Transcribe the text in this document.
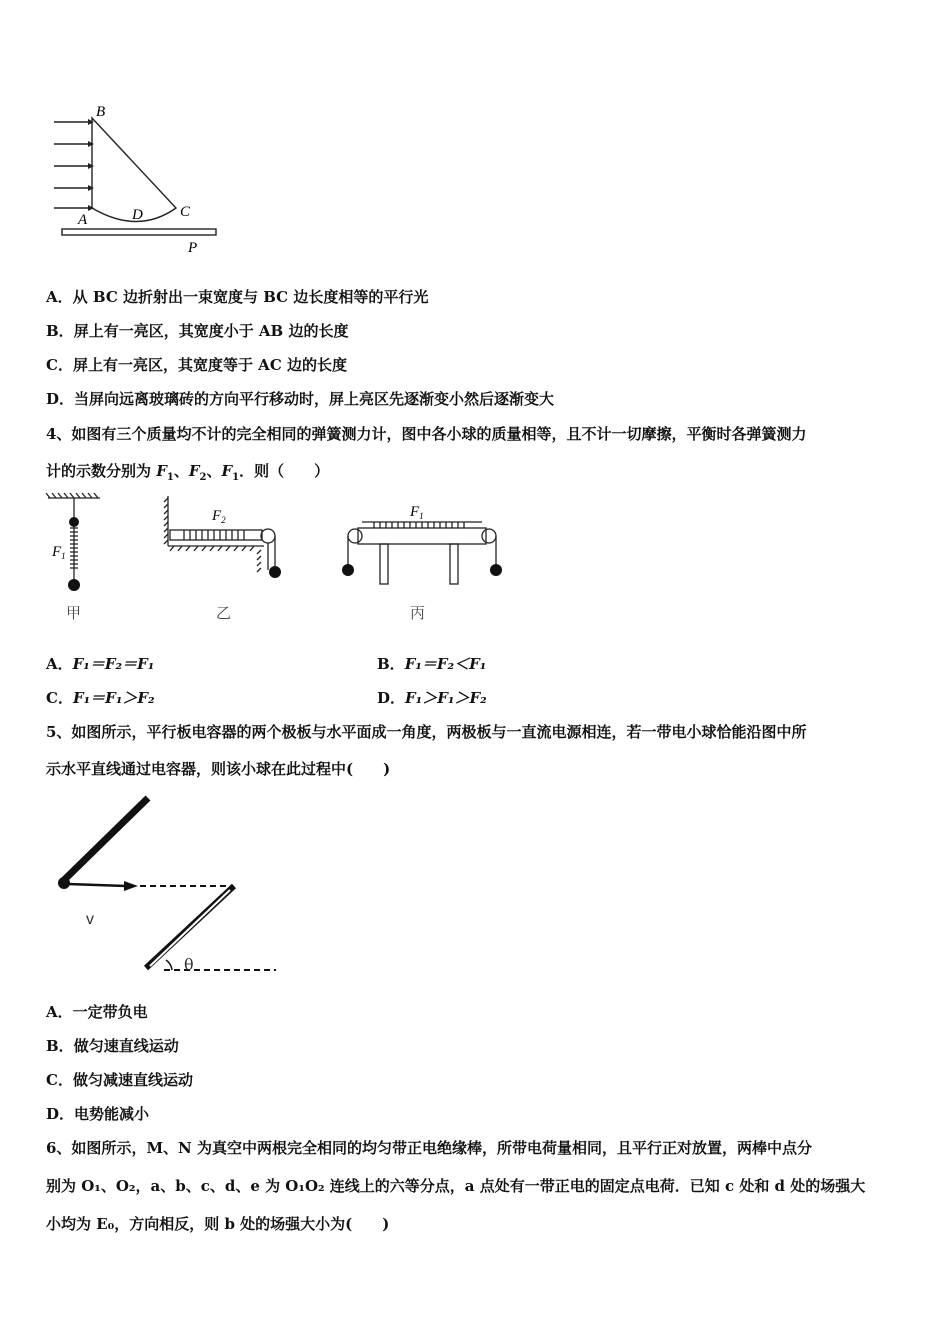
B
A	D C
P
A．从 BC 边折射出一束宽度与 BC 边长度相等的平行光
B．屏上有一亮区，其宽度小于 AB 边的长度
C．屏上有一亮区，其宽度等于 AC 边的长度
D．当屏向远离玻璃砖的方向平行移动时，屏上亮区先逐渐变小然后逐渐变大
4、如图有三个质量均不计的完全相同的弹簧测力计，图中各小球的质量相等，且不计一切摩擦，平衡时各弹簧测力
计的示数分别为 $F_1$、$F_2$、$F_1$．则（　　）
$F_1$
$F_2$	$F_1$
甲	乙	丙
A．F₁＝F₂＝F₁	B．F₁＝F₂＜F₁
C．F₁＝F₁＞F₂	D．F₁＞F₁＞F₂
5、如图所示，平行板电容器的两个极板与水平面成一角度，两极板与一直流电源相连，若一带电小球恰能沿图中所
示水平直线通过电容器，则该小球在此过程中(　　)
v
θ
A．一定带负电
B．做匀速直线运动
C．做匀减速直线运动
D．电势能减小
6、如图所示，M、N 为真空中两根完全相同的均匀带正电绝缘棒，所带电荷量相同，且平行正对放置，两棒中点分
别为 O₁、O₂，a、b、c、d、e 为 O₁O₂ 连线上的六等分点，a 点处有一带正电的固定点电荷．已知 c 处和 d 处的场强大
小均为 E₀，方向相反，则 b 处的场强大小为(　　)
